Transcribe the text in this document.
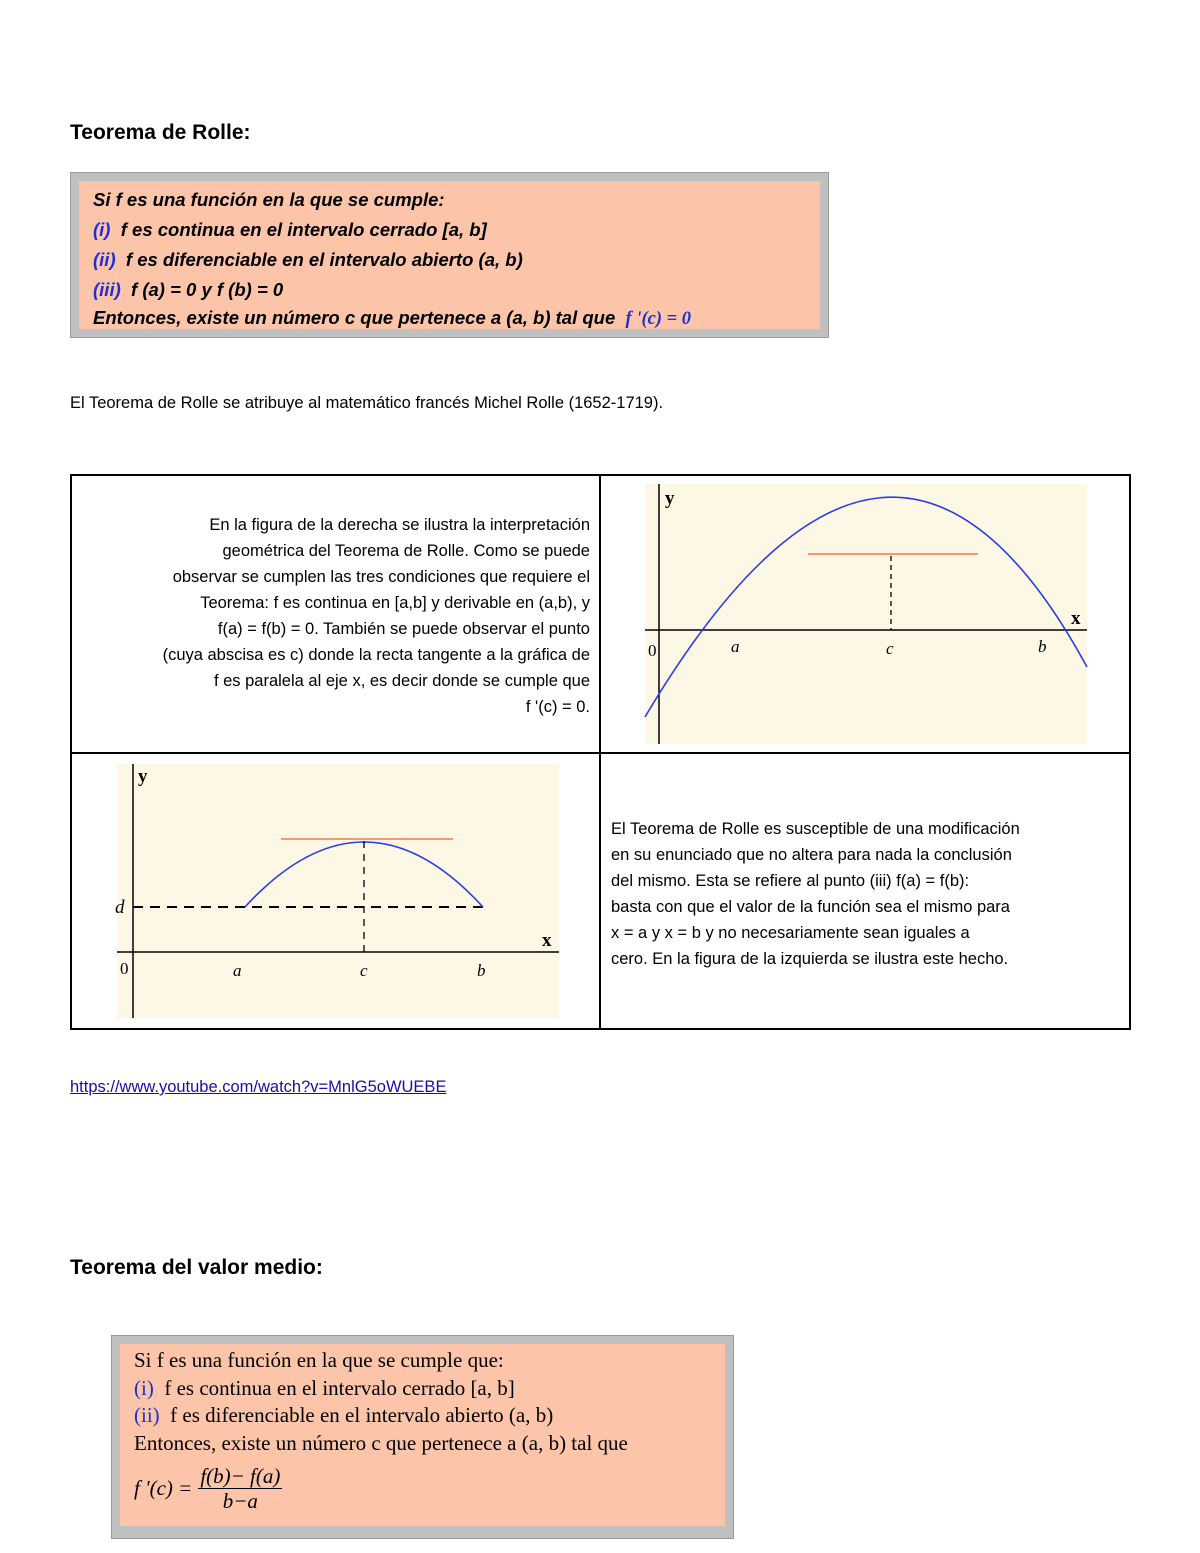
Teorema de Rolle:
Si f es una función en la que se cumple:
(i) f es continua en el intervalo cerrado [a, b]
(ii) f es diferenciable en el intervalo abierto (a, b)
(iii) f (a) = 0 y f (b) = 0
Entonces, existe un número c que pertenece a (a, b) tal que f '(c) = 0
El Teorema de Rolle se atribuye al matemático francés Michel Rolle (1652-1719).
En la figura de la derecha se ilustra la interpretación
geométrica del Teorema de Rolle. Como se puede
observar se cumplen las tres condiciones que requiere el
Teorema: f es continua en [a,b] y derivable en (a,b), y
f(a) = f(b) = 0. También se puede observar el punto
(cuya abscisa es c) donde la recta tangente a la gráfica de
f es paralela al eje x, es decir donde se cumple que
f '(c) = 0.
y
x
0	a	c	b
y
x
0
d
a	c	b
El Teorema de Rolle es susceptible de una modificación
en su enunciado que no altera para nada la conclusión
del mismo. Esta se refiere al punto (iii) f(a) = f(b):
basta con que el valor de la función sea el mismo para
x = a y x = b y no necesariamente sean iguales a
cero. En la figura de la izquierda se ilustra este hecho.
https://www.youtube.com/watch?v=MnlG5oWUEBE
Teorema del valor medio:
Si f es una función en la que se cumple que:
(i) f es continua en el intervalo cerrado [a, b]
(ii) f es diferenciable en el intervalo abierto (a, b)
Entonces, existe un número c que pertenece a (a, b) tal que
f '$(c) = \frac{f(b)- f(a)}{b-a}$
